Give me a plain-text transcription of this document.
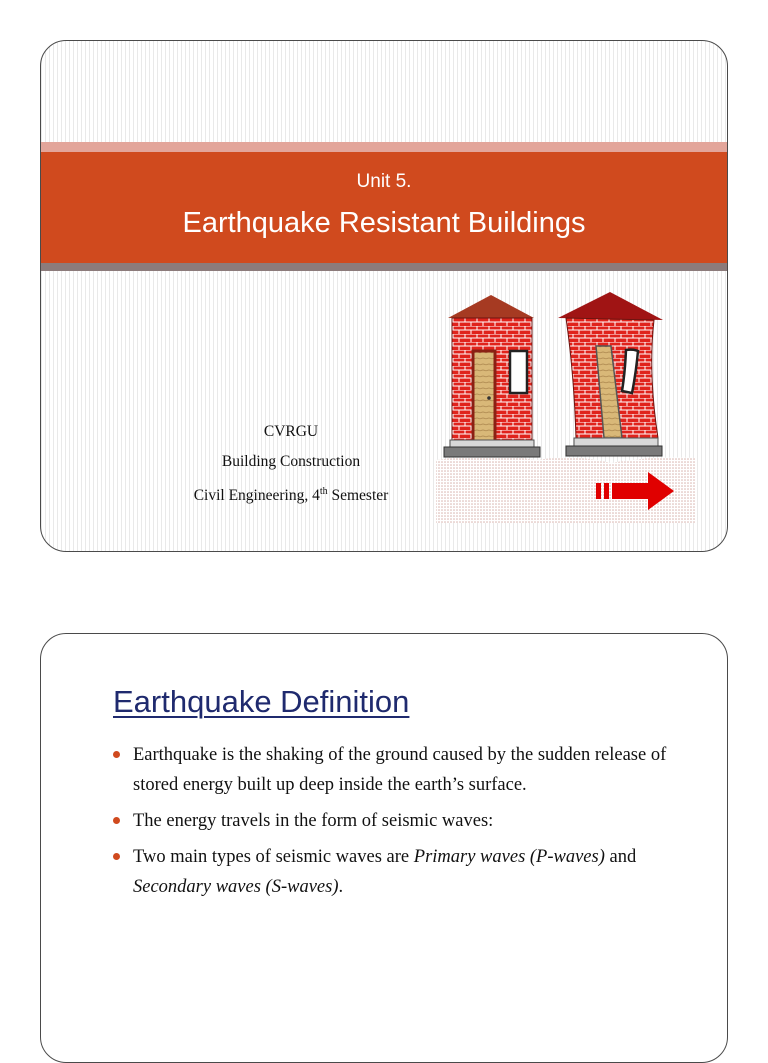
Unit 5.
Earthquake Resistant Buildings
CVRGU
Building Construction
Civil Engineering, 4th Semester
Earthquake Definition
Earthquake is the shaking of the ground caused by the sudden release of stored energy built up deep inside the earth’s surface.
The energy travels in the form of seismic waves:
Two main types of seismic waves are Primary waves (P-waves) and Secondary waves (S-waves).
